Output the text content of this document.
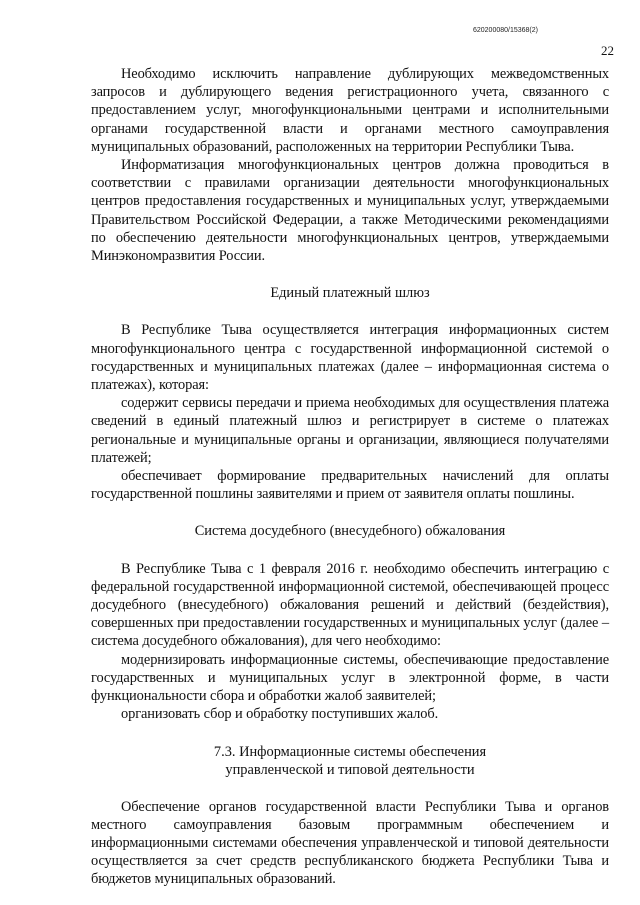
620200080/15368(2)
22

Необходимо исключить направление дублирующих межведомственных запросов и дублирующего ведения регистрационного учета, связанного с предоставлением услуг, многофункциональными центрами и исполнительными органами государственной власти и органами местного самоуправления муниципальных образований, расположенных на территории Республики Тыва.

Информатизация многофункциональных центров должна проводиться в соответствии с правилами организации деятельности многофункциональных центров предоставления государственных и муниципальных услуг, утверждаемыми Правительством Российской Федерации, а также Методическими рекомендациями по обеспечению деятельности многофункциональных центров, утверждаемыми Минэкономразвития России.

Единый платежный шлюз

В Республике Тыва осуществляется интеграция информационных систем многофункционального центра с государственной информационной системой о государственных и муниципальных платежах (далее – информационная система о платежах), которая:

содержит сервисы передачи и приема необходимых для осуществления платежа сведений в единый платежный шлюз и регистрирует в системе о платежах региональные и муниципальные органы и организации, являющиеся получателями платежей;

обеспечивает формирование предварительных начислений для оплаты государственной пошлины заявителями и прием от заявителя оплаты пошлины.

Система досудебного (внесудебного) обжалования

В Республике Тыва с 1 февраля 2016 г. необходимо обеспечить интеграцию с федеральной государственной информационной системой, обеспечивающей процесс досудебного (внесудебного) обжалования решений и действий (бездействия), совершенных при предоставлении государственных и муниципальных услуг (далее – система досудебного обжалования), для чего необходимо:

модернизировать информационные системы, обеспечивающие предоставление государственных и муниципальных услуг в электронной форме, в части функциональности сбора и обработки жалоб заявителей;

организовать сбор и обработку поступивших жалоб.

7.3. Информационные системы обеспечения
управленческой и типовой деятельности

Обеспечение органов государственной власти Республики Тыва и органов местного самоуправления базовым программным обеспечением и информационными системами обеспечения управленческой и типовой деятельности осуществляется за счет средств республиканского бюджета Республики Тыва и бюджетов муниципальных образований.
